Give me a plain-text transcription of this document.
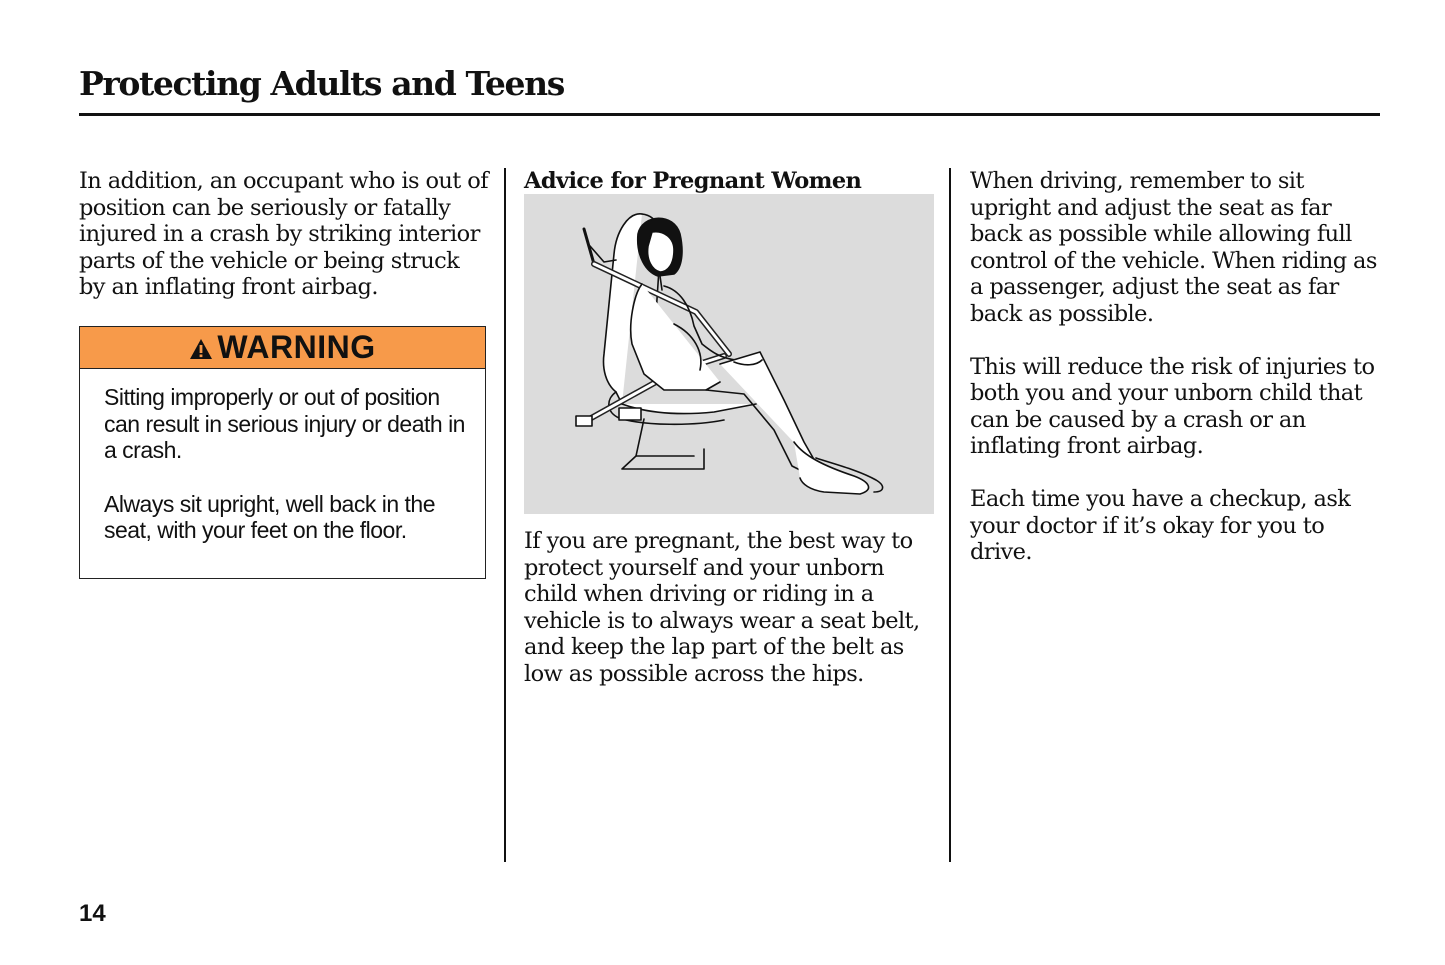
Protecting Adults and Teens

In addition, an occupant who is out of position can be seriously or fatally injured in a crash by striking interior parts of the vehicle or being struck by an inflating front airbag.

WARNING

Sitting improperly or out of position can result in serious injury or death in a crash.

Always sit upright, well back in the seat, with your feet on the floor.

Advice for Pregnant Women

If you are pregnant, the best way to protect yourself and your unborn child when driving or riding in a vehicle is to always wear a seat belt, and keep the lap part of the belt as low as possible across the hips.

When driving, remember to sit upright and adjust the seat as far back as possible while allowing full control of the vehicle. When riding as a passenger, adjust the seat as far back as possible.

This will reduce the risk of injuries to both you and your unborn child that can be caused by a crash or an inflating front airbag.

Each time you have a checkup, ask your doctor if it’s okay for you to drive.

14
